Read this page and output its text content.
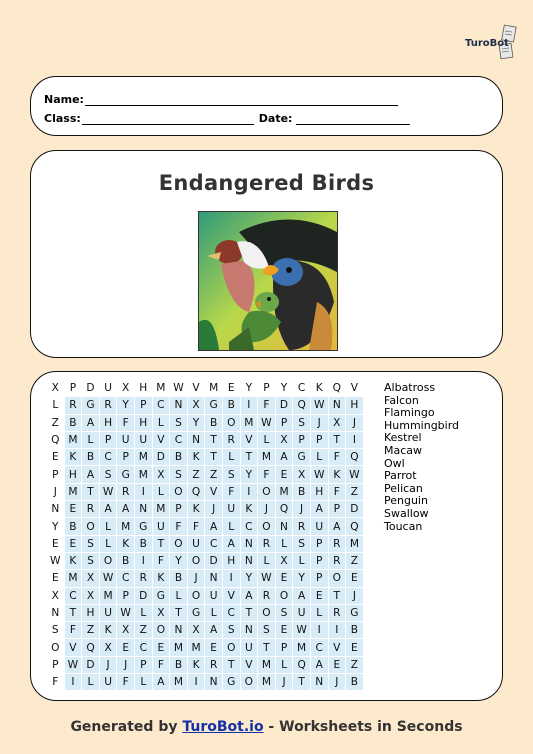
TuroBot
Name:
Class:	Date:
Endangered Birds
X	P	D	U	X	H	M	W	V	M	E	Y	P	Y	C	K	Q	V
L	R	G	R	Y	P	C	N	X	G	B	I	F	D	Q	W	N	H
Z	B	A	H	F	H	L	S	Y	B	O	M	W	P	S	J	X	J
Q	M	L	P	U	U	V	C	N	T	R	V	L	X	P	P	T	I
E	K	B	C	P	M	D	B	K	T	L	T	M	A	G	L	F	Q
P	H	A	S	G	M	X	S	Z	Z	S	Y	F	E	X	W	K	W
J	M	T	W	R	I	L	O	Q	V	F	I	O	M	B	H	F	Z
N	E	R	A	A	N	M	P	K	J	U	K	J	Q	J	A	P	D
Y	B	O	L	M	G	U	F	F	A	L	C	O	N	R	U	A	Q
E	E	S	L	K	B	T	O	U	C	A	N	R	L	S	P	R	M
W	K	S	O	B	I	F	Y	O	D	H	N	L	X	L	P	R	Z
E	M	X	W	C	R	K	B	J	N	I	Y	W	E	Y	P	O	E
X	C	X	M	P	D	G	L	O	U	V	A	R	O	A	E	T	J
N	T	H	U	W	L	X	T	G	L	C	T	O	S	U	L	R	G
S	F	Z	K	X	Z	O	N	X	A	S	N	S	E	W	I	I	B
O	V	Q	X	E	C	E	M	M	E	O	U	T	P	M	C	V	E
P	W	D	J	J	P	F	B	K	R	T	V	M	L	Q	A	E	Z
F	I	L	U	F	L	A	M	I	N	G	O	M	J	T	N	J	B
Albatross
Falcon
Flamingo
Hummingbird
Kestrel
Macaw
Owl
Parrot
Pelican
Penguin
Swallow
Toucan
Generated by TuroBot.io - Worksheets in Seconds
